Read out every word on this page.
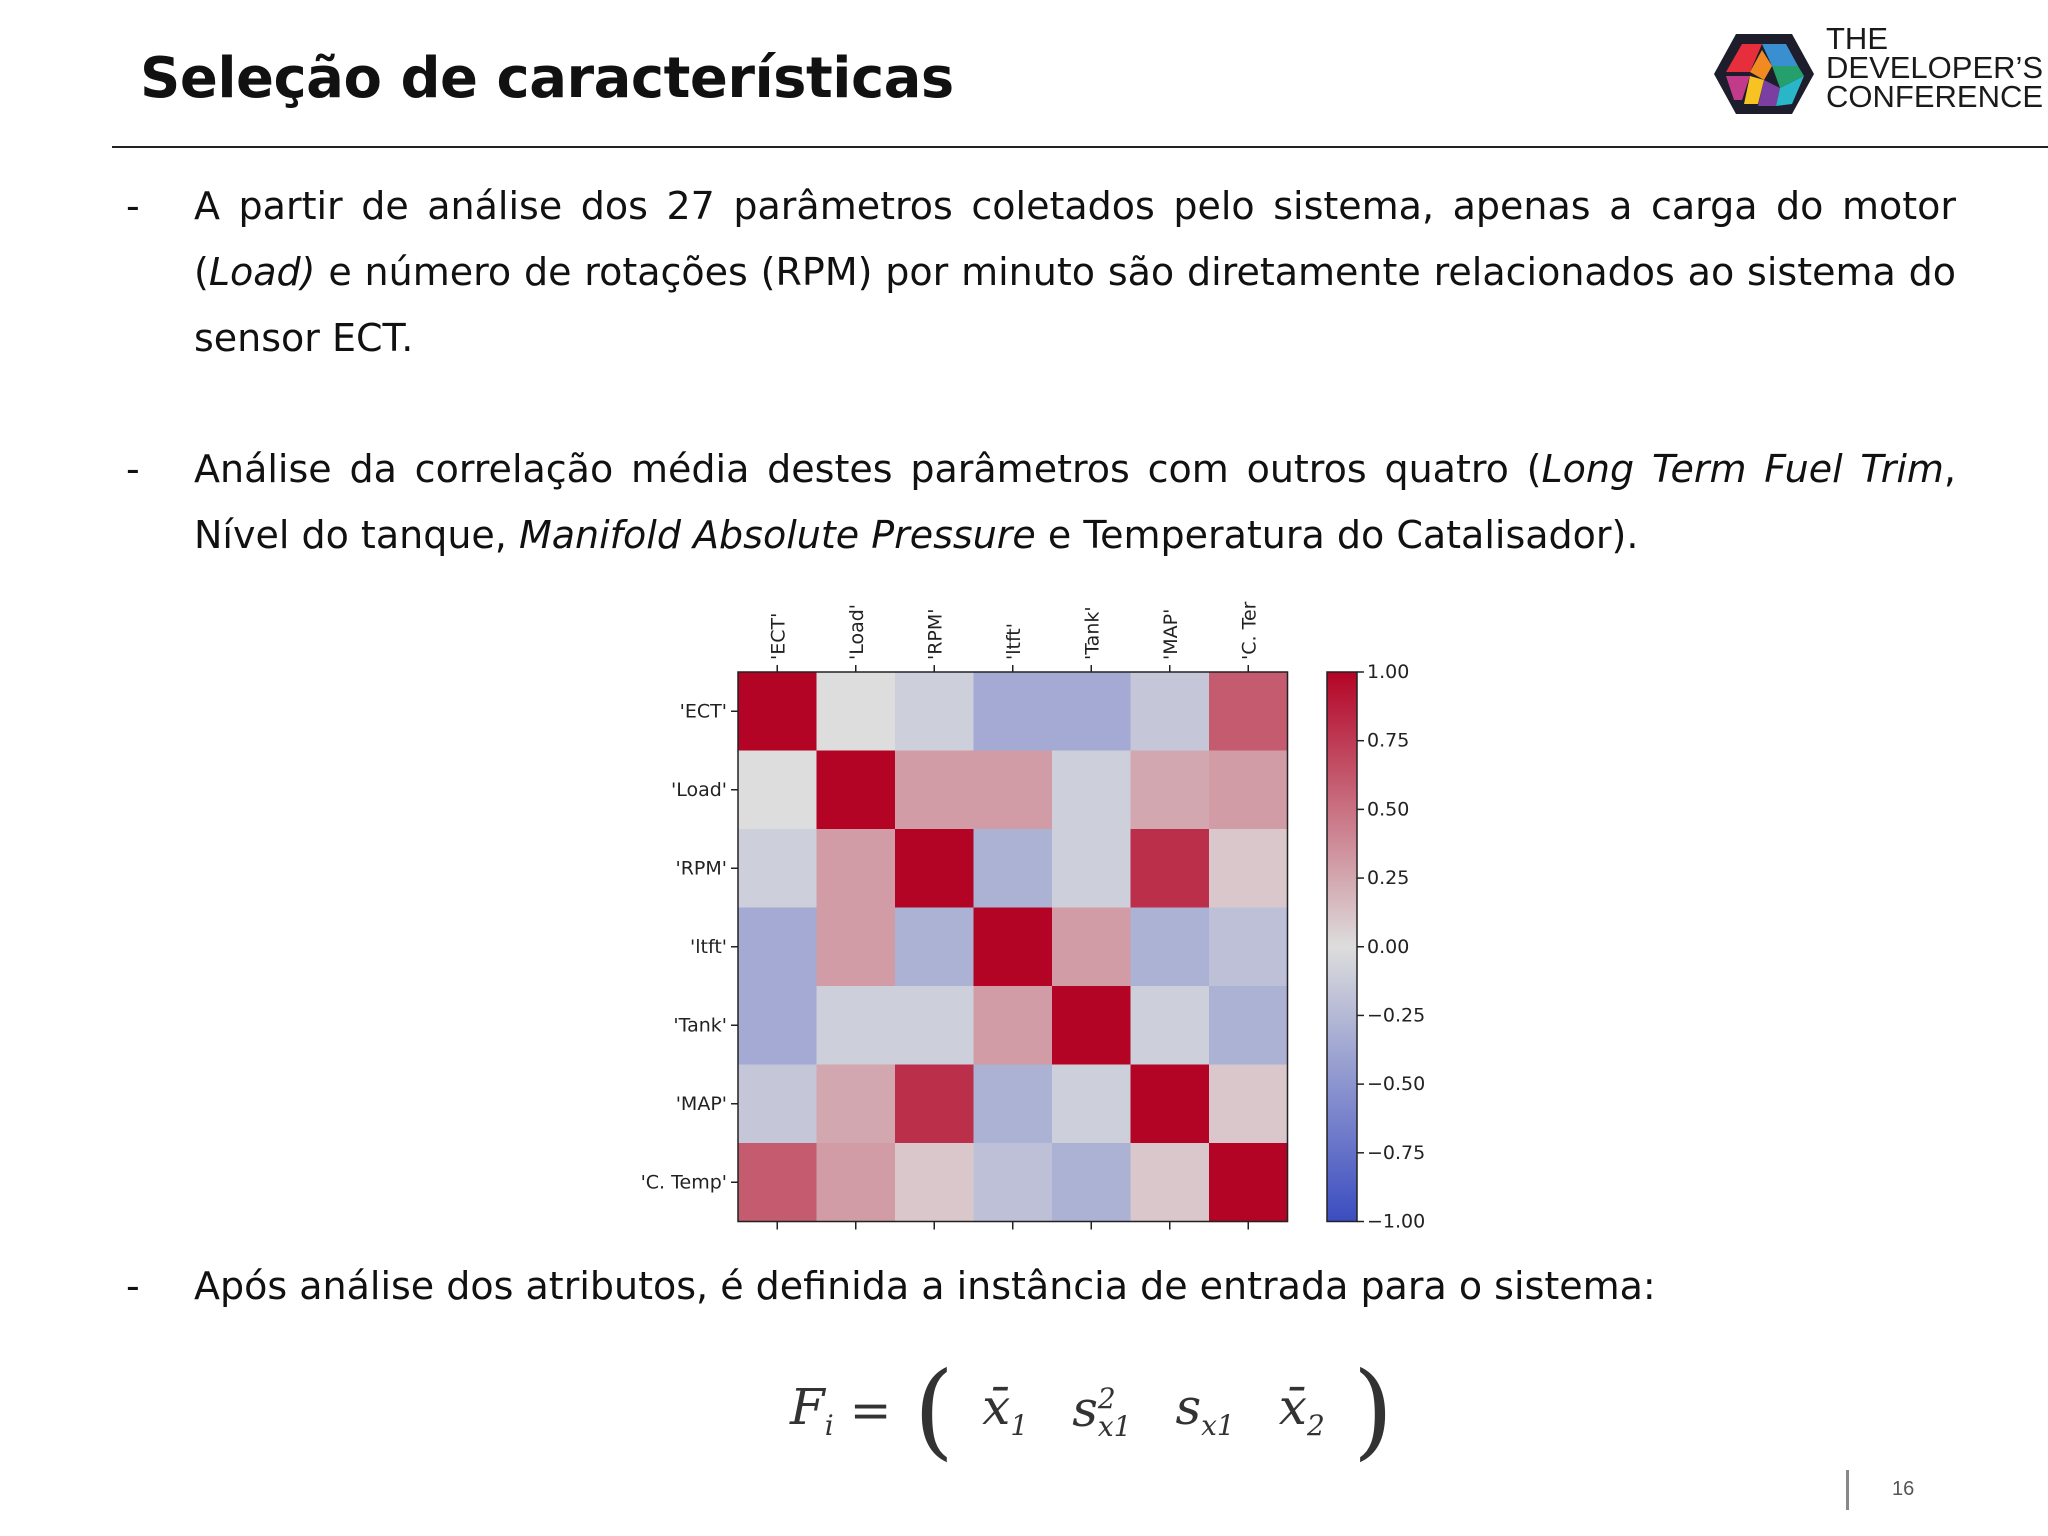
Seleção de características
THE
DEVELOPER’S
CONFERENCE
- A partir de análise dos 27 parâmetros coletados pelo sistema, apenas a carga do motor (Load) e número de rotações (RPM) por minuto são diretamente relacionados ao sistema do sensor ECT.

- Análise da correlação média destes parâmetros com outros quatro (Long Term Fuel Trim, Nível do tanque, Manifold Absolute Pressure e Temperatura do Catalisador).

'ECT'
'Load'
'RPM'
'ltft'
'Tank'
'MAP'
'C. Temp'
'ECT'	'Load'	'RPM'	'ltft'	'Tank'	'MAP'	'C. Ter
1.00
0.75
0.50
0.25
0.00
−0.25
−0.50
−0.75
−1.00
- Após análise dos atributos, é definida a instância de entrada para o sistema:

$F_i$ = ( $x̄_1$ s 2
x1 $s_{x1}$ $x̄_2$ )
16
